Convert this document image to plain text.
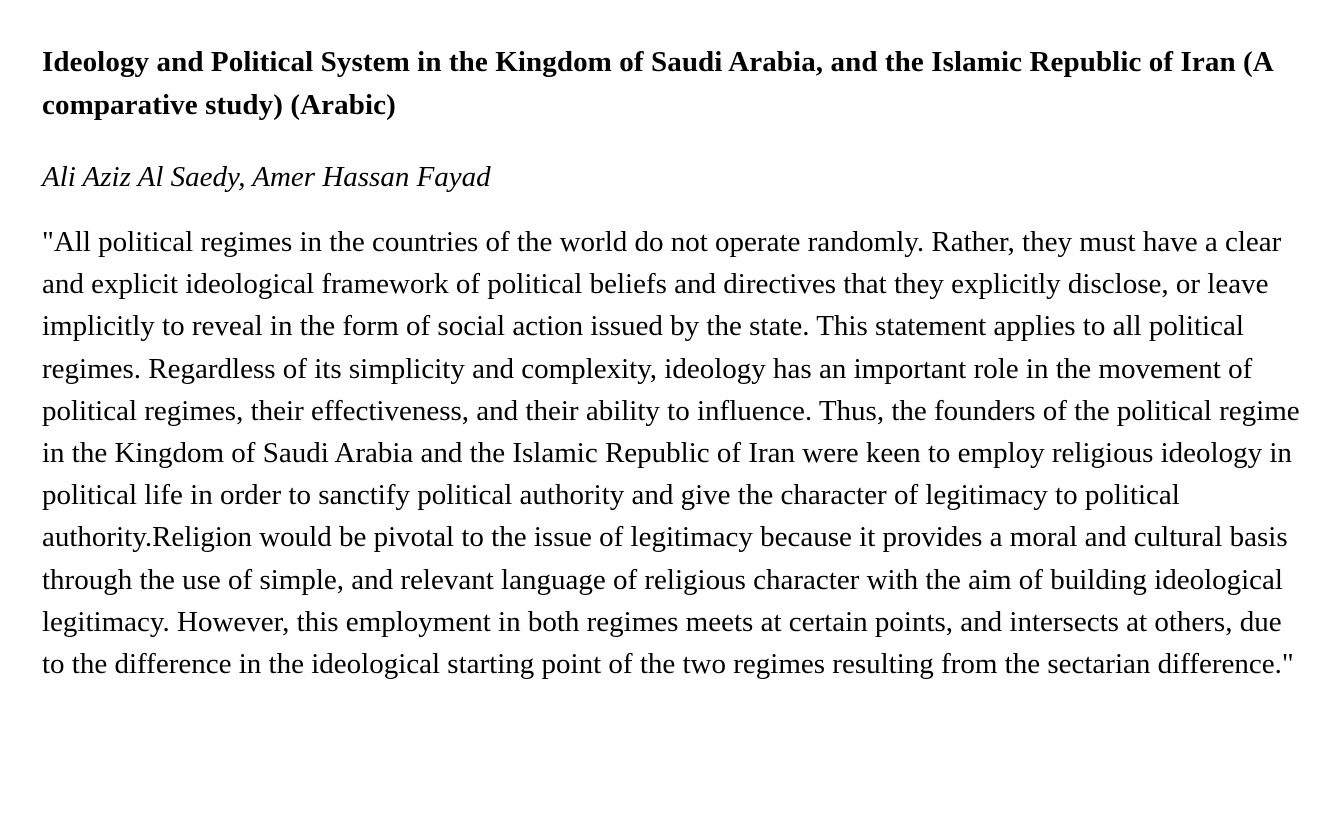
Ideology and Political System in the Kingdom of Saudi Arabia, and the Islamic Republic of Iran (A comparative study) (Arabic)

Ali Aziz Al Saedy, Amer Hassan Fayad

"All political regimes in the countries of the world do not operate randomly. Rather, they must have a clear and explicit ideological framework of political beliefs and directives that they explicitly disclose, or leave implicitly to reveal in the form of social action issued by the state. This statement applies to all political regimes. Regardless of its simplicity and complexity, ideology has an important role in the movement of political regimes, their effectiveness, and their ability to influence. Thus, the founders of the political regime in the Kingdom of Saudi Arabia and the Islamic Republic of Iran were keen to employ religious ideology in political life in order to sanctify political authority and give the character of legitimacy to political authority.Religion would be pivotal to the issue of legitimacy because it provides a moral and cultural basis through the use of simple, and relevant language of religious character with the aim of building ideological legitimacy. However, this employment in both regimes meets at certain points, and intersects at others, due to the difference in the ideological starting point of the two regimes resulting from the sectarian difference."
